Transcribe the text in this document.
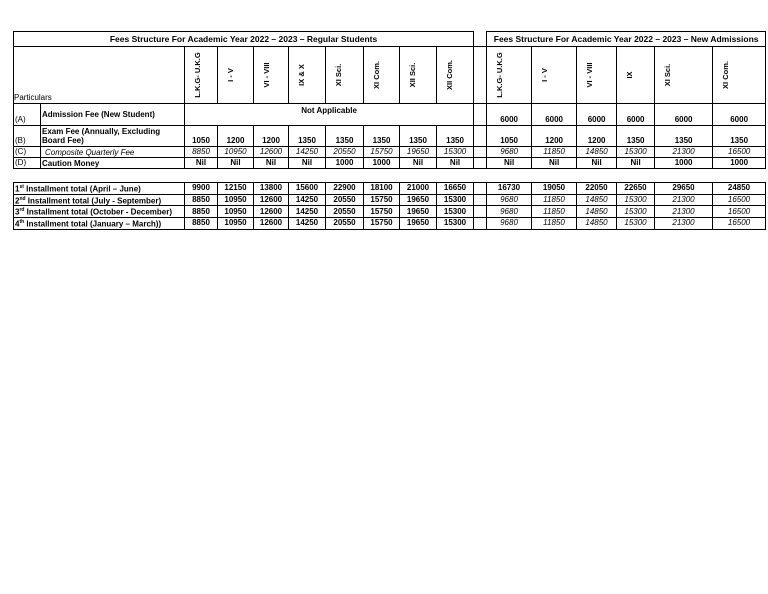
Fees Structure For Academic Year 2022 – 2023 – Regular Students											Fees Structure For Academic Year 2022 – 2023 – New Admissions					
Particulars		L.K.G- U.K.G	I - V	VI - VIII	IX & X	XI Sci.	XI Com.	XII Sci.	XII Com.		L.K.G- U.K.G	I - V	VI - VIII	IX	XI Sci.	XI Com.

(A)	Admission Fee (New Student)	Not Applicable									6000	6000	6000	6000	6000	6000
(B)	Exam Fee (Annually, Excluding Board Fee)	1050	1200	1200	1350	1350	1350	1350	1350		1050	1200	1200	1350	1350	1350
(C)	Composite Quarterly Fee	8850	10950	12600	14250	20550	15750	19650	15300		9680	11850	14850	15300	21300	16500
(D)	Caution Money	Nil	Nil	Nil	Nil	1000	1000	Nil	Nil		Nil	Nil	Nil	Nil	1000	1000
1st Installment total (April – June)	9900	12150	13800	15600	22900	18100	21000	16650		16730	19050	22050	22650	29650	24850
2nd Installment total (July - September)	8850	10950	12600	14250	20550	15750	19650	15300		9680	11850	14850	15300	21300	16500
3rd Installment total (October - December)	8850	10950	12600	14250	20550	15750	19650	15300		9680	11850	14850	15300	21300	16500
4th Installment total (January – March))	8850	10950	12600	14250	20550	15750	19650	15300		9680	11850	14850	15300	21300	16500
